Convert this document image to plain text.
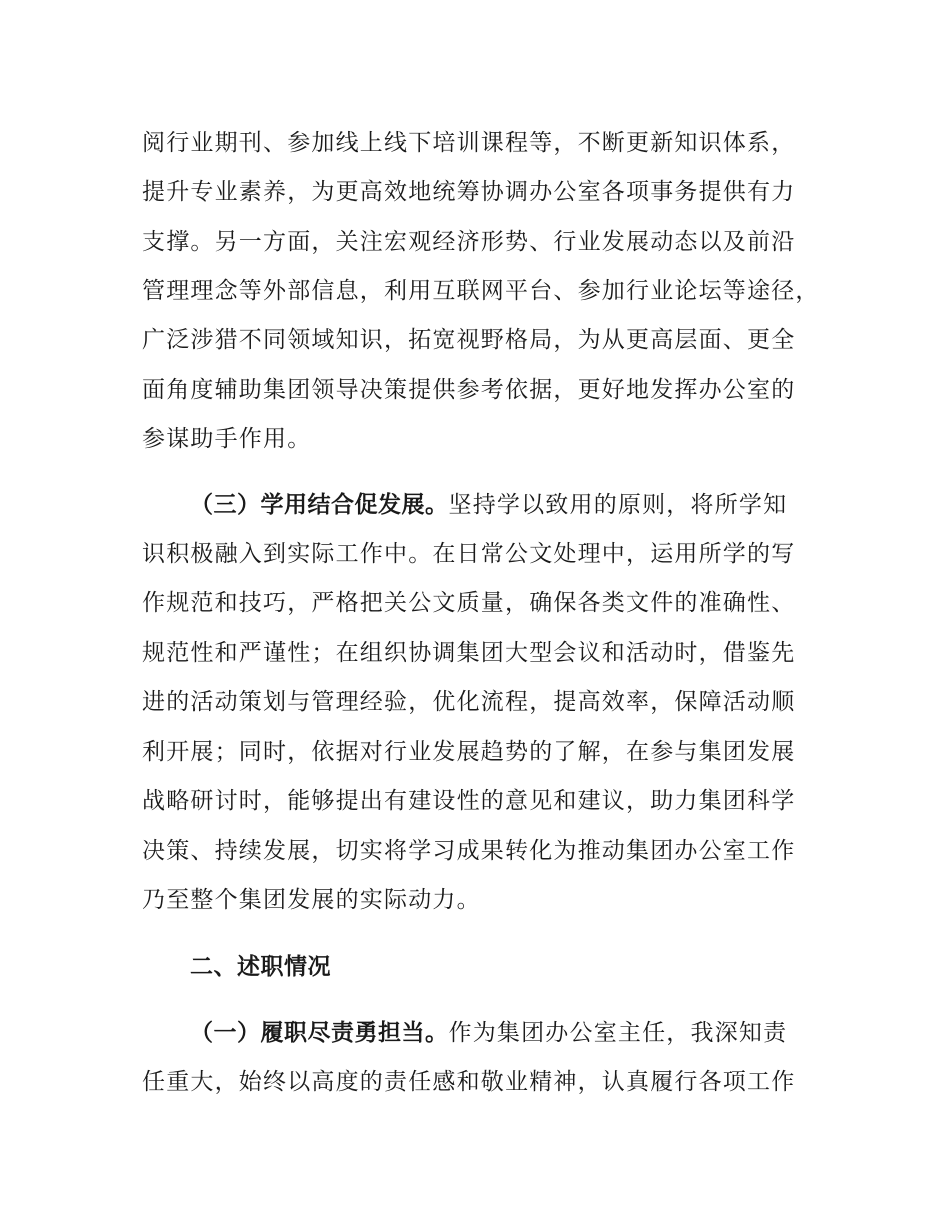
阅行业期刊、参加线上线下培训课程等，不断更新知识体系，
提升专业素养，为更高效地统筹协调办公室各项事务提供有力
支撑。另一方面，关注宏观经济形势、行业发展动态以及前沿
管理理念等外部信息，利用互联网平台、参加行业论坛等途径，
广泛涉猎不同领域知识，拓宽视野格局，为从更高层面、更全
面角度辅助集团领导决策提供参考依据，更好地发挥办公室的
参谋助手作用。
（三）学用结合促发展。坚持学以致用的原则，将所学知
识积极融入到实际工作中。在日常公文处理中，运用所学的写
作规范和技巧，严格把关公文质量，确保各类文件的准确性、
规范性和严谨性；在组织协调集团大型会议和活动时，借鉴先
进的活动策划与管理经验，优化流程，提高效率，保障活动顺
利开展；同时，依据对行业发展趋势的了解，在参与集团发展
战略研讨时，能够提出有建设性的意见和建议，助力集团科学
决策、持续发展，切实将学习成果转化为推动集团办公室工作
乃至整个集团发展的实际动力。
二、述职情况
（一）履职尽责勇担当。作为集团办公室主任，我深知责
任重大，始终以高度的责任感和敬业精神，认真履行各项工作
